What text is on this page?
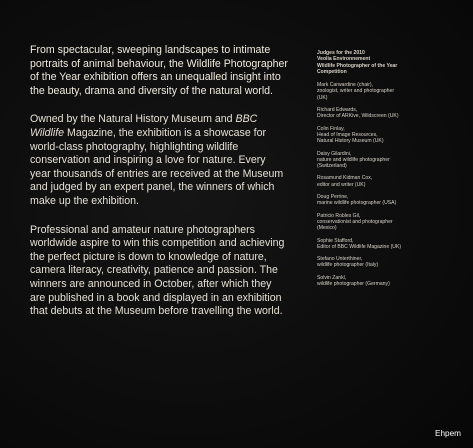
From spectacular, sweeping landscapes to intimate portraits of animal behaviour, the Wildlife Photographer of the Year exhibition offers an unequalled insight into the beauty, drama and diversity of the natural world.

Owned by the Natural History Museum and BBC Wildlife Magazine, the exhibition is a showcase for world-class photography, highlighting wildlife conservation and inspiring a love for nature. Every year thousands of entries are received at the Museum and judged by an expert panel, the winners of which make up the exhibition.

Professional and amateur nature photographers worldwide aspire to win this competition and achieving the perfect picture is down to knowledge of nature, camera literacy, creativity, patience and passion. The winners are announced in October, after which they are published in a book and displayed in an exhibition that debuts at the Museum before travelling the world.

Judges for the 2010
Veolia Environnement
Wildlife Photographer of the Year
Competition
Mark Carwardine (chair),
zoologist, writer and photographer
(UK)
Richard Edwards,
Director of ARKive, Wildscreen (UK)
Colin Finlay,
Head of Image Resources,
Natural History Museum (UK)
Daisy Gilardini,
nature and wildlife photographer
(Switzerland)
Rosamund Kidman Cox,
editor and writer (UK)
Doug Perrine,
marine wildlife photographer (USA)
Patricio Robles Gil,
conservationist and photographer
(Mexico)
Sophie Stafford,
Editor of BBC Wildlife Magazine (UK)
Stefano Unterthiner,
wildlife photographer (Italy)
Solvin Zankl,
wildlife photographer (Germany)
Ehpem
